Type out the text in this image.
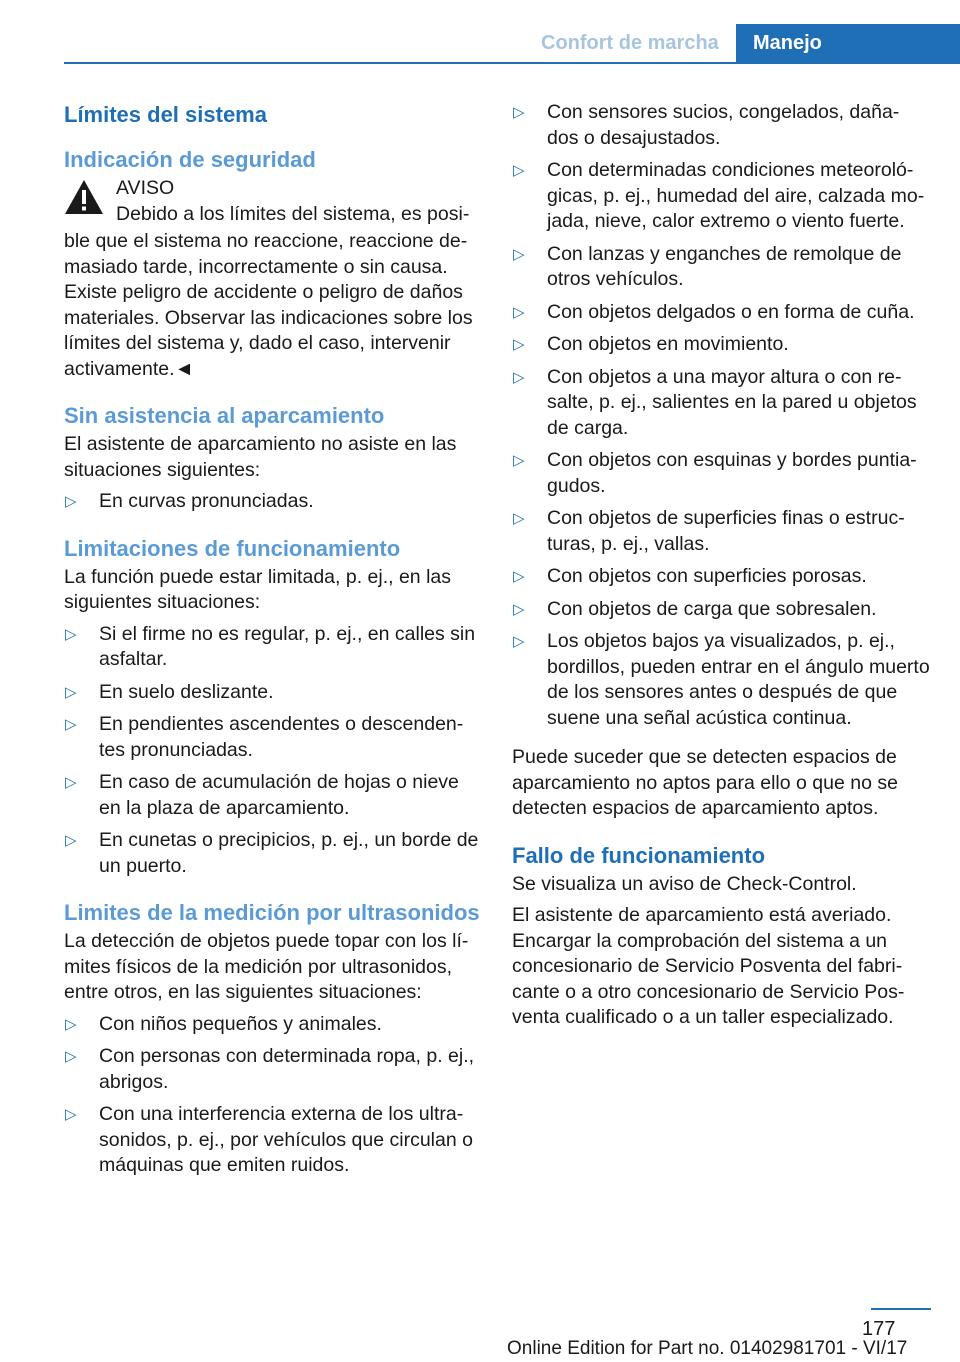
Confort de marcha	Manejo
Límites del sistema
Indicación de seguridad
AVISO
Debido a los límites del sistema, es posi-

ble que el sistema no reaccione, reaccione de-masiado tarde, incorrectamente o sin causa. Existe peligro de accidente o peligro de daños materiales. Observar las indicaciones sobre los límites del sistema y, dado el caso, intervenir activamente.◄

Sin asistencia al aparcamiento

El asistente de aparcamiento no asiste en las situaciones siguientes:

▷ En curvas pronunciadas.
Limitaciones de funcionamiento

La función puede estar limitada, p. ej., en las siguientes situaciones:

▷ Si el firme no es regular, p. ej., en calles sin asfaltar.
▷ En suelo deslizante.
▷ En pendientes ascendentes o descenden-tes pronunciadas.
▷ En caso de acumulación de hojas o nieve en la plaza de aparcamiento.
▷ En cunetas o precipicios, p. ej., un borde de un puerto.
Limites de la medición por ultrasonidos

La detección de objetos puede topar con los lí-mites físicos de la medición por ultrasonidos, entre otros, en las siguientes situaciones:

▷ Con niños pequeños y animales.
▷ Con personas con determinada ropa, p. ej., abrigos.
▷ Con una interferencia externa de los ultra-sonidos, p. ej., por vehículos que circulan o máquinas que emiten ruidos.
▷ Con sensores sucios, congelados, daña-dos o desajustados.
▷ Con determinadas condiciones meteoroló-gicas, p. ej., humedad del aire, calzada mo-jada, nieve, calor extremo o viento fuerte.
▷ Con lanzas y enganches de remolque de otros vehículos.
▷ Con objetos delgados o en forma de cuña.
▷ Con objetos en movimiento.
▷ Con objetos a una mayor altura o con re-salte, p. ej., salientes en la pared u objetos de carga.
▷ Con objetos con esquinas y bordes puntia-gudos.
▷ Con objetos de superficies finas o estruc-turas, p. ej., vallas.
▷ Con objetos con superficies porosas.
▷ Con objetos de carga que sobresalen.
▷ Los objetos bajos ya visualizados, p. ej., bordillos, pueden entrar en el ángulo muerto de los sensores antes o después de que suene una señal acústica continua.

Puede suceder que se detecten espacios de aparcamiento no aptos para ello o que no se detecten espacios de aparcamiento aptos.

Fallo de funcionamiento

Se visualiza un aviso de Check-Control.

El asistente de aparcamiento está averiado. Encargar la comprobación del sistema a un concesionario de Servicio Posventa del fabri-cante o a otro concesionario de Servicio Pos-venta cualificado o a un taller especializado.

177
Online Edition for Part no. 01402981701 - VI/17
